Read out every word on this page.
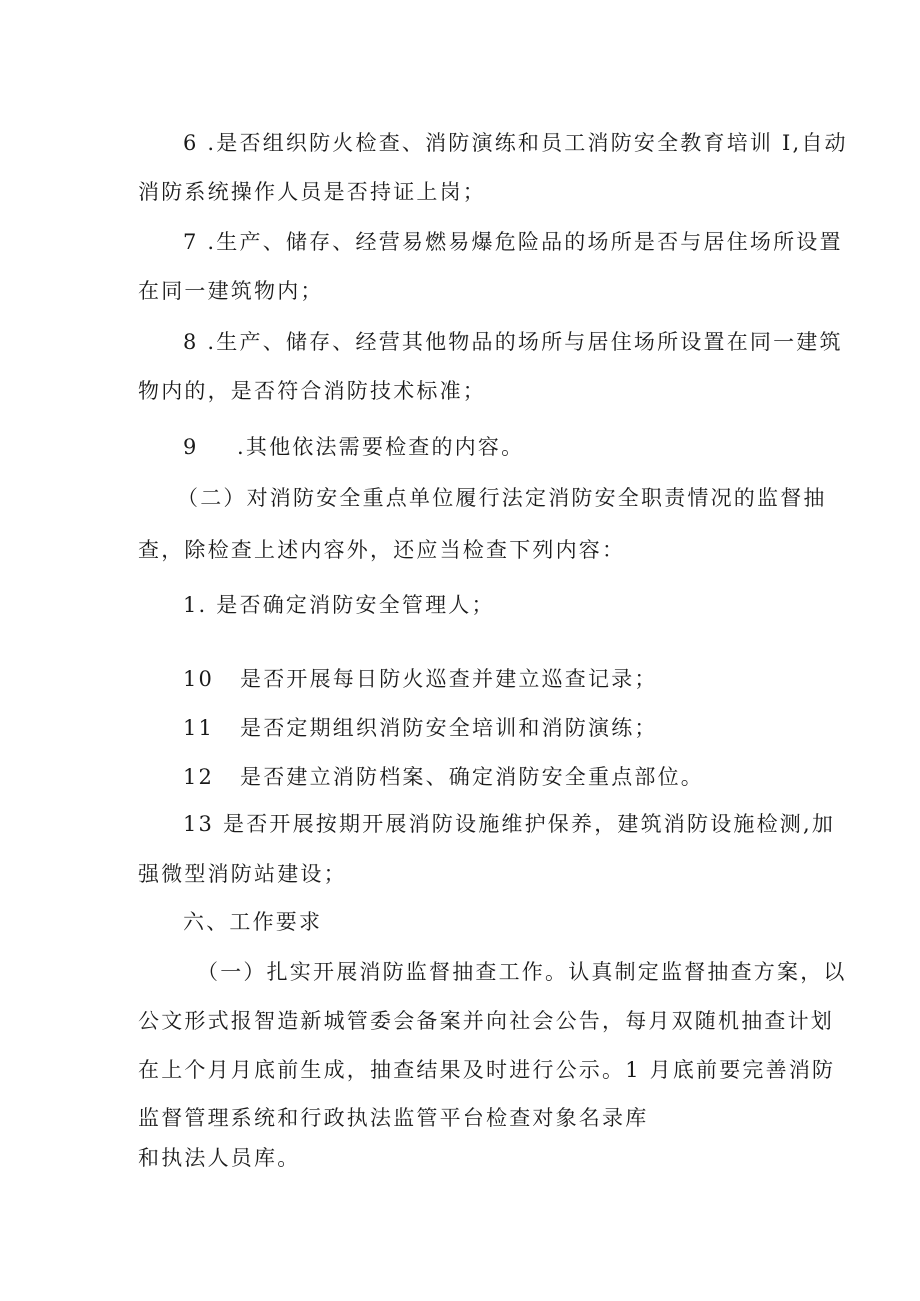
6 .是否组织防火检查、消防演练和员工消防安全教育培训 I,自动
消防系统操作人员是否持证上岗；
7 .生产、储存、经营易燃易爆危险品的场所是否与居住场所设置
在同一建筑物内；
8 .生产、储存、经营其他物品的场所与居住场所设置在同一建筑
物内的，是否符合消防技术标准；
9 .其他依法需要检查的内容。
（二）对消防安全重点单位履行法定消防安全职责情况的监督抽
查，除检查上述内容外，还应当检查下列内容：
1. 是否确定消防安全管理人；
10 是否开展每日防火巡查并建立巡查记录；
11 是否定期组织消防安全培训和消防演练；
12 是否建立消防档案、确定消防安全重点部位。
13 是否开展按期开展消防设施维护保养，建筑消防设施检测,加
强微型消防站建设；
六、工作要求
（一）扎实开展消防监督抽查工作。认真制定监督抽查方案，以
公文形式报智造新城管委会备案并向社会公告，每月双随机抽查计划
在上个月月底前生成，抽查结果及时进行公示。1 月底前要完善消防
监督管理系统和行政执法监管平台检查对象名录库
和执法人员库。
